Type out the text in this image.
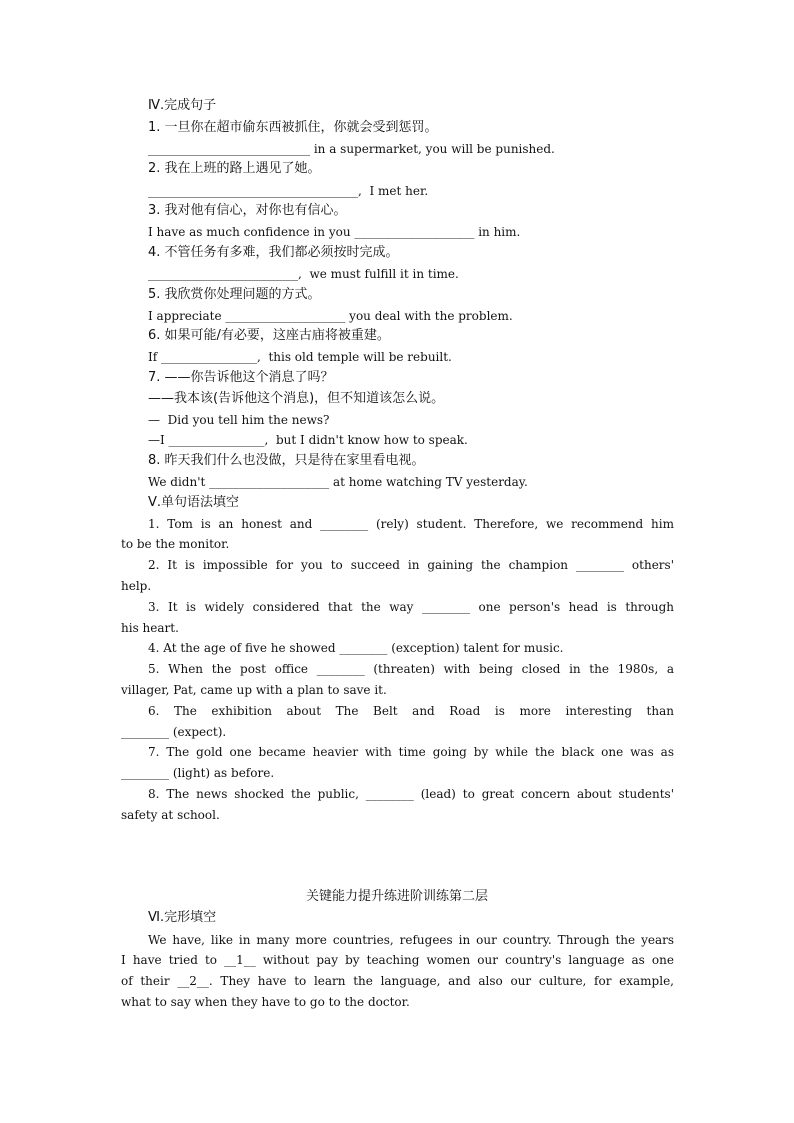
Ⅳ.完成句子
1. 一旦你在超市偷东西被抓住，你就会受到惩罚。
___________________________ in a supermarket, you will be punished.
2. 我在上班的路上遇见了她。
___________________________________,  I met her.
3. 我对他有信心，对你也有信心。
I have as much confidence in you ____________________ in him.
4. 不管任务有多难，我们都必须按时完成。
_________________________,  we must fulfill it in time.
5. 我欣赏你处理问题的方式。
I appreciate ____________________ you deal with the problem.
6. 如果可能/有必要，这座古庙将被重建。
If ________________,  this old temple will be rebuilt.
7. ——你告诉他这个消息了吗？
——我本该(告诉他这个消息)，但不知道该怎么说。
—  Did you tell him the news?
—I ________________,  but I didn't know how to speak.
8. 昨天我们什么也没做，只是待在家里看电视。
We didn't ____________________ at home watching TV yesterday.
Ⅴ.单句语法填空
1. Tom is an honest and ________ (rely) student. Therefore, we recommend him
to be the monitor.
2. It is impossible for you to succeed in gaining the champion ________ others'
help.
3. It is widely considered that the way ________ one person's head is through
his heart.
4. At the age of five he showed ________ (exception) talent for music.
5. When the post office ________ (threaten) with being closed in the 1980s, a
villager, Pat, came up with a plan to save it.
6. The exhibition about The Belt and Road is more interesting than
________ (expect).
7. The gold one became heavier with time going by while the black one was as
________ (light) as before.
8. The news shocked the public, ________ (lead) to great concern about students'
safety at school.
关键能力提升练进阶训练第二层
Ⅵ.完形填空
We have, like in many more countries, refugees in our country. Through the years
I have tried to __1__ without pay by teaching women our country's language as one
of their __2__. They have to learn the language, and also our culture, for example,
what to say when they have to go to the doctor.
